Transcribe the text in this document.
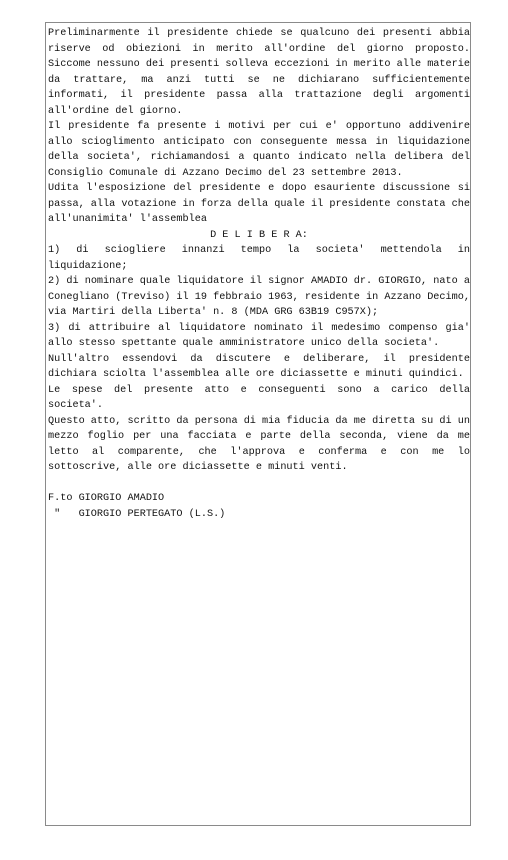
Preliminarmente il presidente chiede se qualcuno dei presenti abbia riserve od obiezioni in merito all'ordine del giorno proposto. Siccome nessuno dei presenti solleva eccezioni in merito alle materie da trattare, ma anzi tutti se ne dichiarano sufficientemente informati, il presidente passa alla trattazione degli argomenti all'ordine del giorno.

Il presidente fa presente i motivi per cui e' opportuno addivenire allo scioglimento anticipato con conseguente messa in liquidazione della societa', richiamandosi a quanto indicato nella delibera del Consiglio Comunale di Azzano Decimo del 23 settembre 2013.

Udita l'esposizione del presidente e dopo esauriente discussione si passa, alla votazione in forza della quale il presidente constata che all'unanimita' l'assemblea

D E L I B E R A:

1) di sciogliere innanzi tempo la societa' mettendola in liquidazione;

2) di nominare quale liquidatore il signor AMADIO dr. GIORGIO, nato a Conegliano (Treviso) il 19 febbraio 1963, residente in Azzano Decimo, via Martiri della Liberta' n. 8 (MDA GRG 63B19 C957X);

3) di attribuire al liquidatore nominato il medesimo compenso gia' allo stesso spettante quale amministratore unico della societa'.

Null'altro essendovi da discutere e deliberare, il presidente dichiara sciolta l'assemblea alle ore diciassette e minuti quindici.

Le spese del presente atto e conseguenti sono a carico della societa'.

Questo atto, scritto da persona di mia fiducia da me diretta su di un mezzo foglio per una facciata e parte della seconda, viene da me letto al comparente, che l'approva e conferma e con me lo sottoscrive, alle ore diciassette e minuti venti.

F.to GIORGIO AMADIO

"   GIORGIO PERTEGATO (L.S.)
